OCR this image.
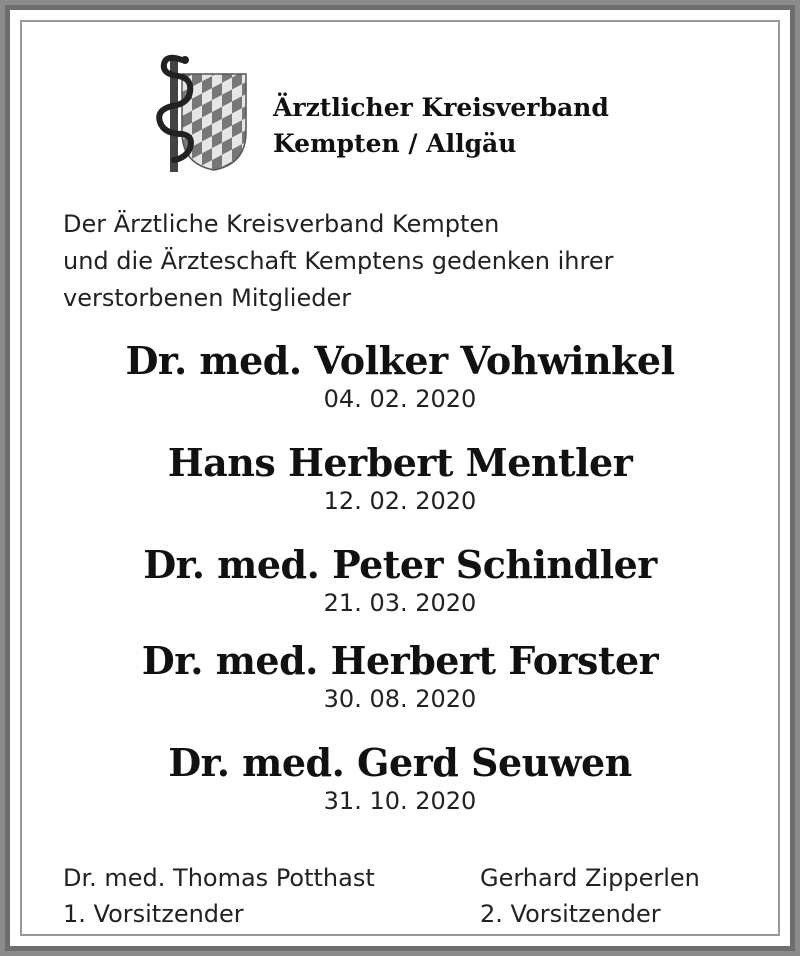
Ärztlicher Kreisverband
Kempten / Allgäu
Der Ärztliche Kreisverband Kempten
und die Ärzteschaft Kemptens gedenken ihrer
verstorbenen Mitglieder
Dr. med. Volker Vohwinkel
04. 02. 2020
Hans Herbert Mentler
12. 02. 2020
Dr. med. Peter Schindler
21. 03. 2020
Dr. med. Herbert Forster
30. 08. 2020
Dr. med. Gerd Seuwen
31. 10. 2020
Dr. med. Thomas Potthast
1. Vorsitzender
Gerhard Zipperlen
2. Vorsitzender
